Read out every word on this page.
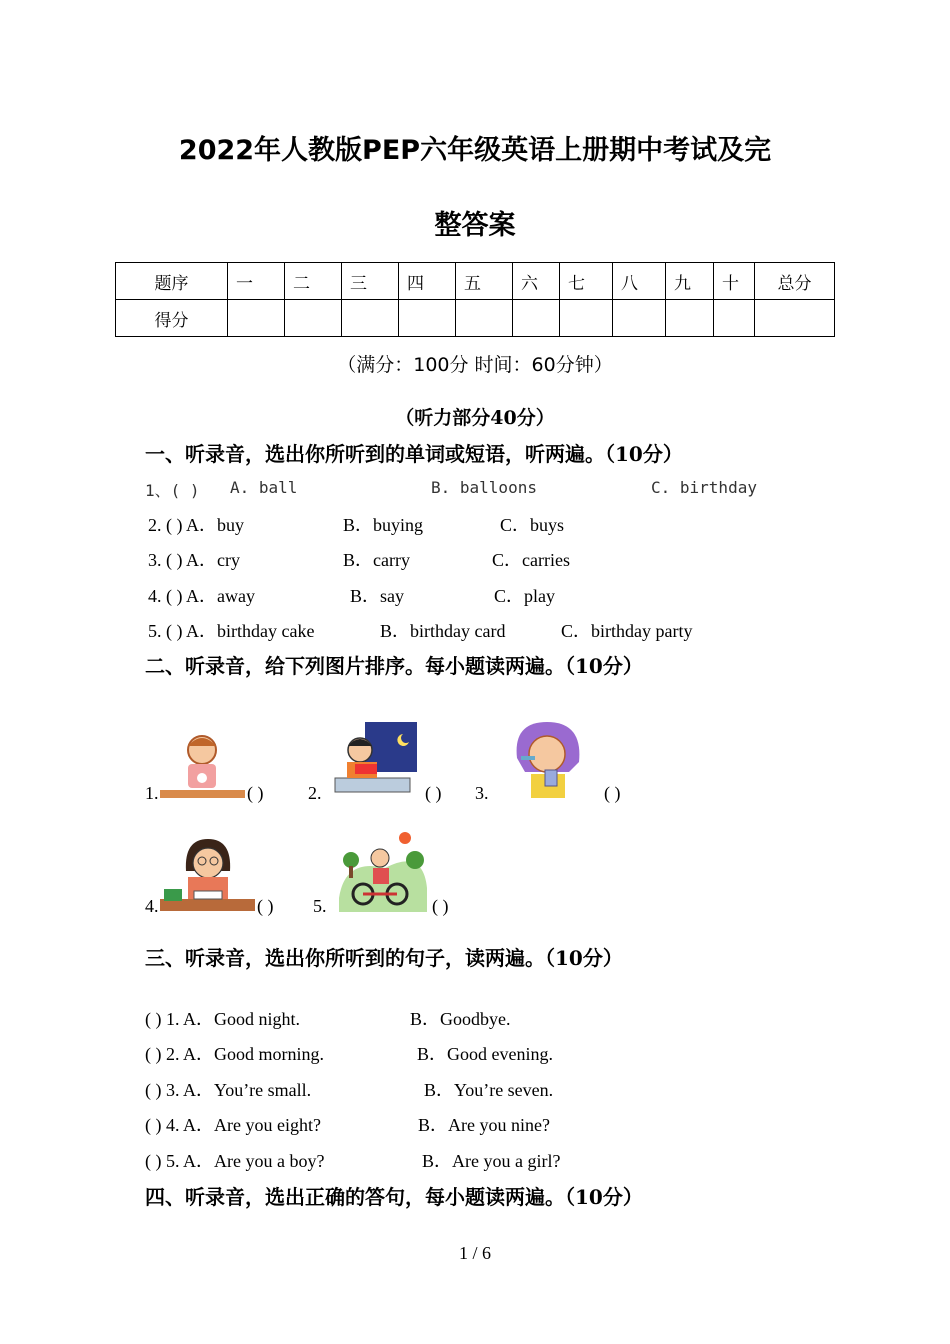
2022年人教版PEP六年级英语上册期中考试及完
整答案
题序	一	二	三	四	五	六	七	八	九	十	总分
得分											
（满分：100分 时间：60分钟）
（听力部分40分）
一、听录音，选出你所听到的单词或短语，听两遍。（10分）
1、( ) A. ball	B. balloons	C. birthday
2. ( ) A．buy	B．buying	C．buys
3. ( ) A．cry	B．carry	C．carries
4. ( ) A．away	B．say	C．play
5. ( ) A．birthday cake	B．birthday card	C．birthday party
二、听录音，给下列图片排序。每小题读两遍。（10分）
1.	( ) 2.	( ) 3.	( )
4.	( ) 5.	( )
三、听录音，选出你所听到的句子，读两遍。（10分）
( ) 1. A．Good night.	B．Goodbye.
( ) 2. A．Good morning.	B．Good evening.
( ) 3. A．You’re small.	B．You’re seven.
( ) 4. A．Are you eight?	B．Are you nine?
( ) 5. A．Are you a boy?	B．Are you a girl?
四、听录音，选出正确的答句，每小题读两遍。（10分）
1 / 6
